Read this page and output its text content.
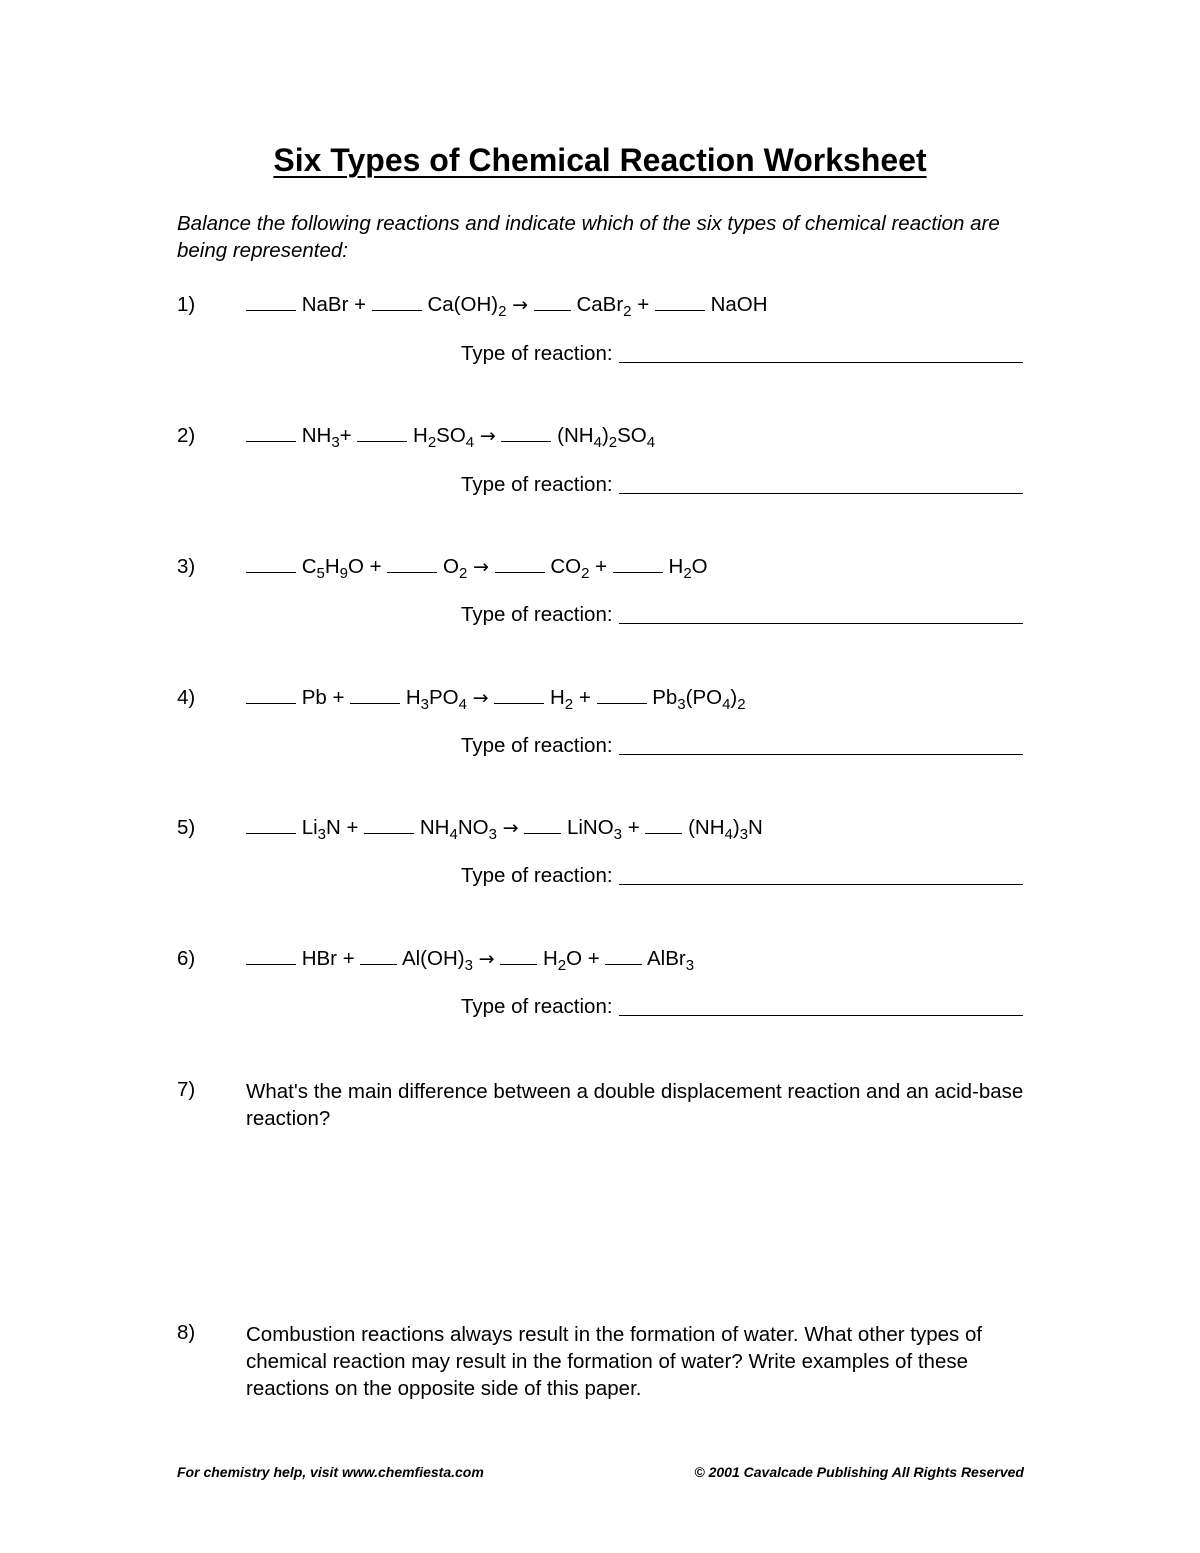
Six Types of Chemical Reaction Worksheet
Balance the following reactions and indicate which of the six types of chemical reaction are being represented:
1)	NaBr +  $Ca(OH)_2$ →  CaBr$_2$ +  NaOH
Type of reaction:
2)	$NH_3+ H_2SO_4$ →	$(NH_4)_2SO_4$
Type of reaction:
3)	$C_5H_9O + O_2$ →	$CO_2 + H_2O$
Type of reaction:
4)	$Pb + H_3PO_4$ →	$H_2 + Pb_3(PO_4)_2$
Type of reaction:
5)	$Li_3N + NH_4NO_3$ →  LiNO$_3$ +  $(NH_4)_3N$
Type of reaction:
6)	HBr +  $Al(OH)_3 \to H_2O$ +  AlBr$_3$
Type of reaction:
7) What's the main difference between a double displacement reaction and an acid-base reaction?
8) Combustion reactions always result in the formation of water. What other types of chemical reaction may result in the formation of water? Write examples of these reactions on the opposite side of this paper.
For chemistry help, visit www.chemfiesta.com	© 2001 Cavalcade Publishing All Rights Reserved
